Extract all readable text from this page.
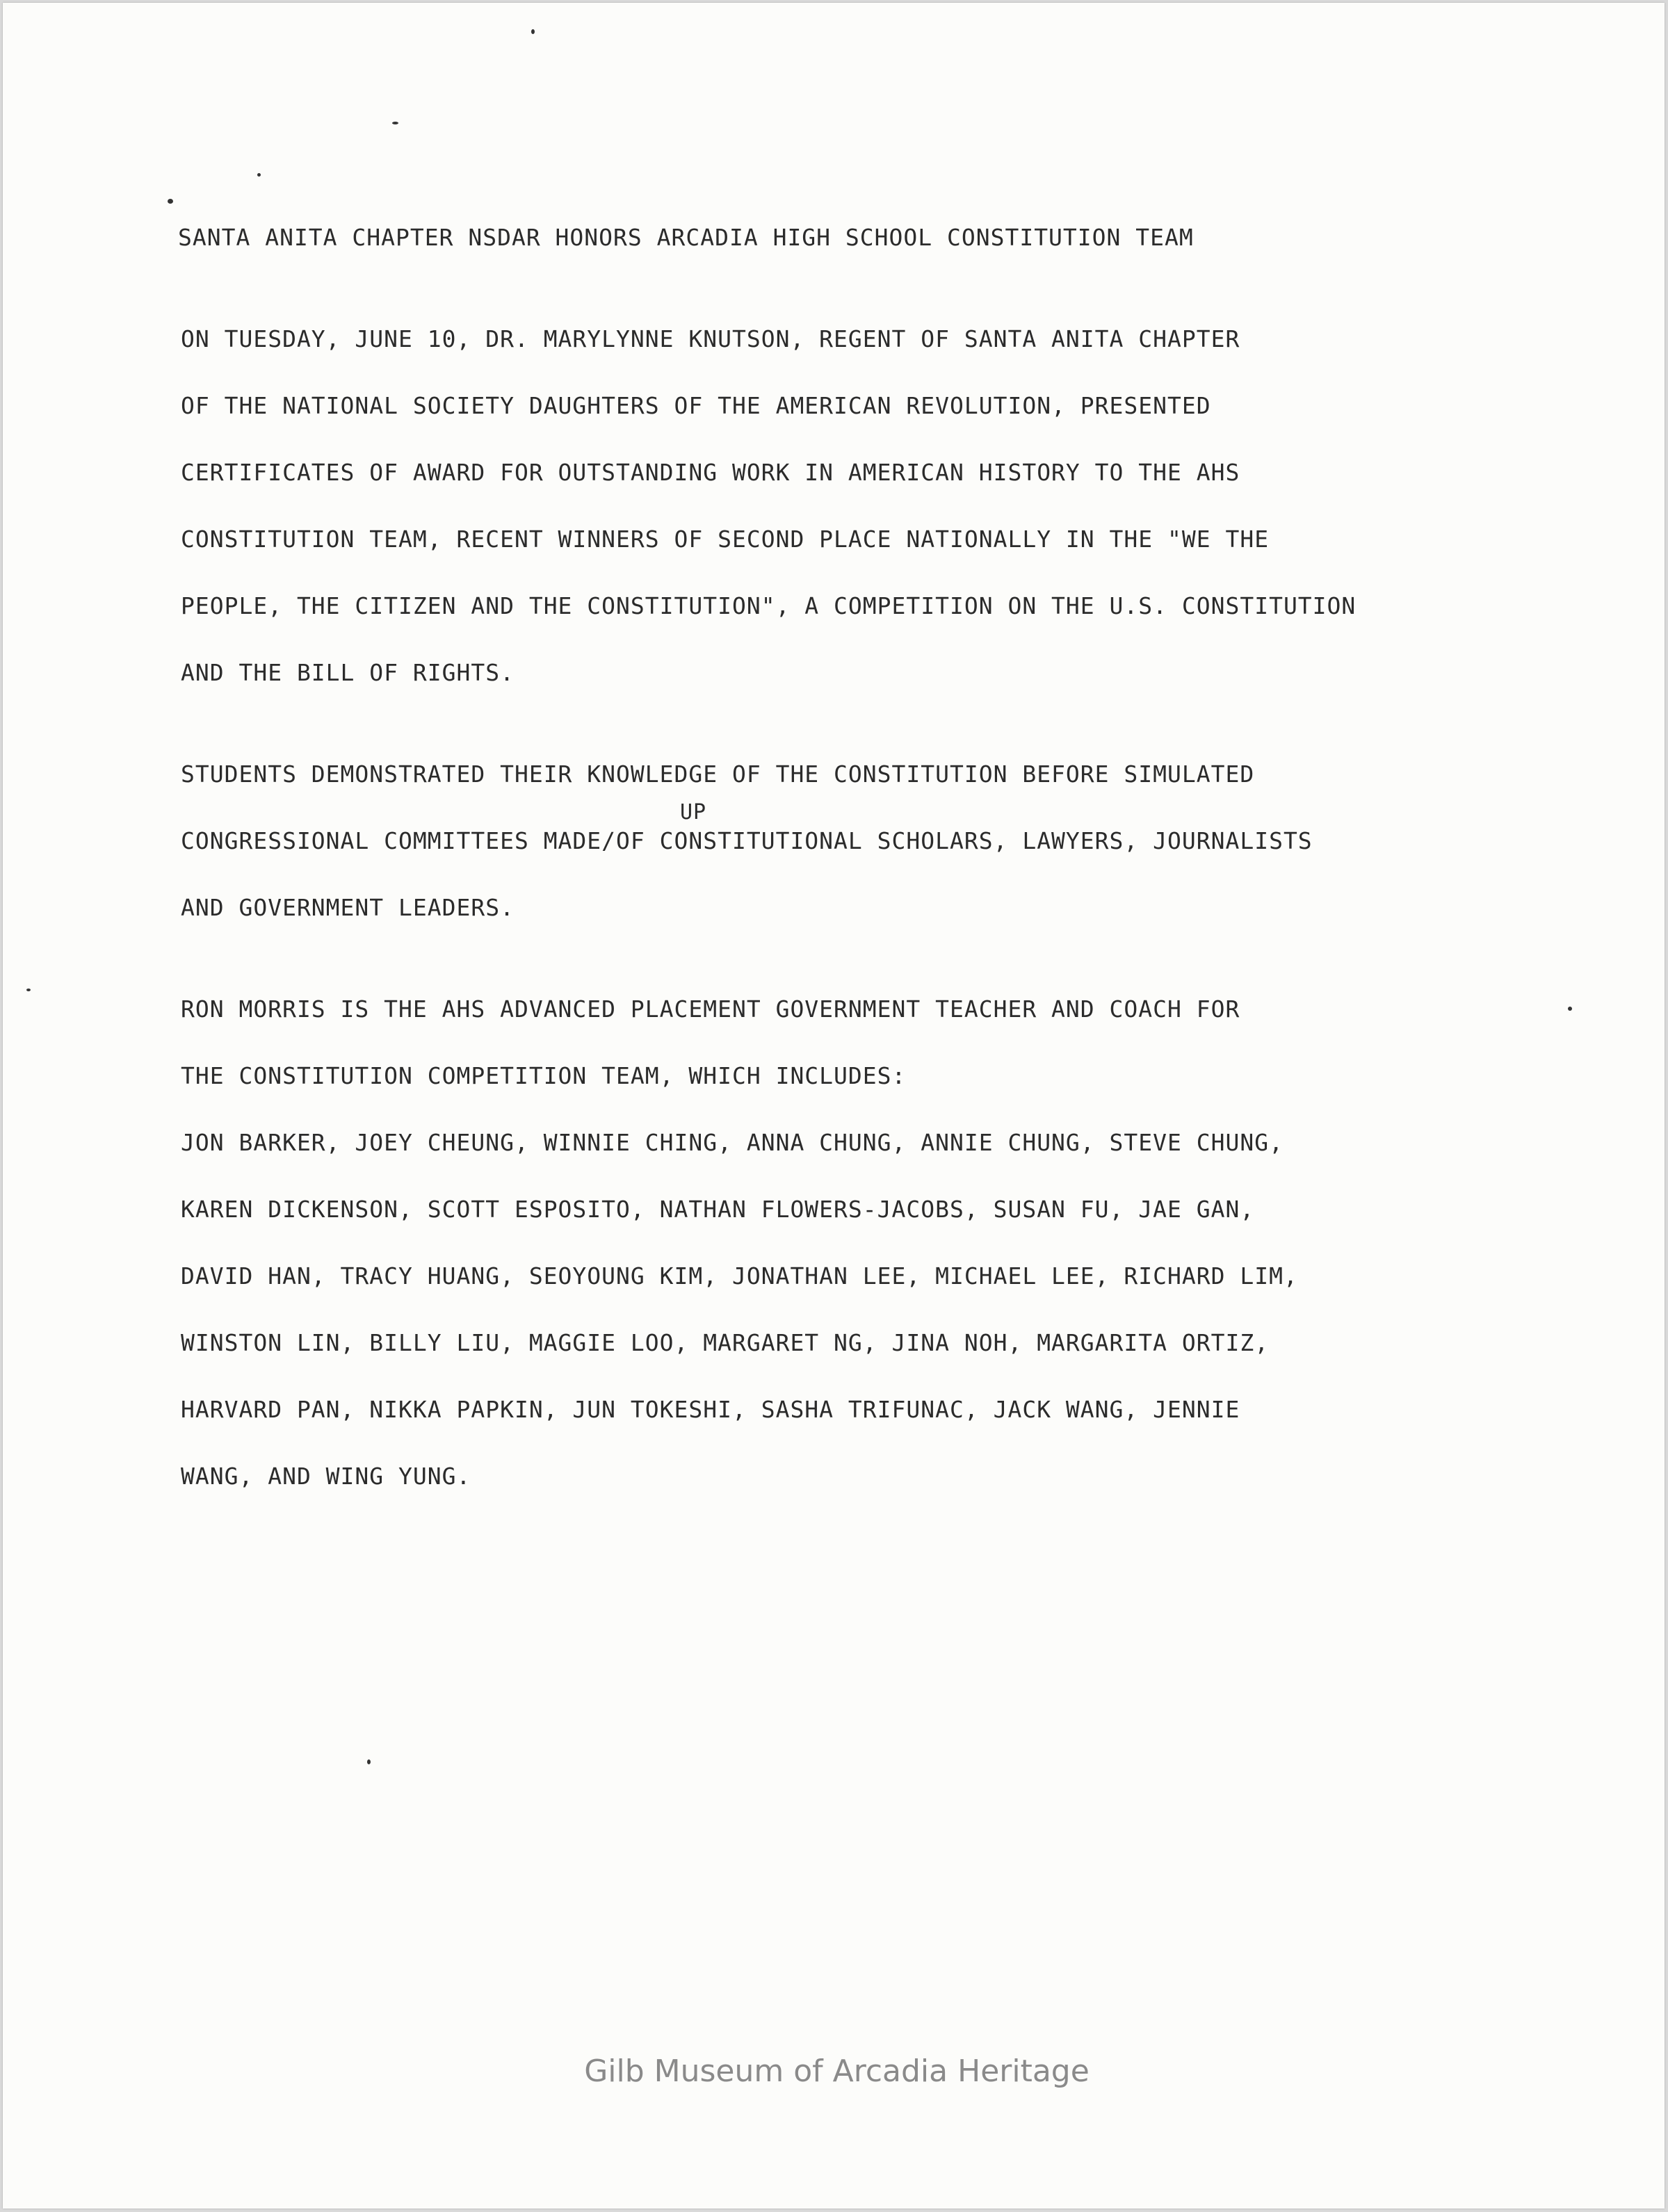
SANTA ANITA CHAPTER NSDAR HONORS ARCADIA HIGH SCHOOL CONSTITUTION TEAM

ON TUESDAY, JUNE 10, DR. MARYLYNNE KNUTSON, REGENT OF SANTA ANITA CHAPTER

OF THE NATIONAL SOCIETY DAUGHTERS OF THE AMERICAN REVOLUTION, PRESENTED

CERTIFICATES OF AWARD FOR OUTSTANDING WORK IN AMERICAN HISTORY TO THE AHS

CONSTITUTION TEAM, RECENT WINNERS OF SECOND PLACE NATIONALLY IN THE "WE THE

PEOPLE, THE CITIZEN AND THE CONSTITUTION", A COMPETITION ON THE U.S. CONSTITUTION

AND THE BILL OF RIGHTS.

STUDENTS DEMONSTRATED THEIR KNOWLEDGE OF THE CONSTITUTION BEFORE SIMULATED

UP

CONGRESSIONAL COMMITTEES MADE/OF CONSTITUTIONAL SCHOLARS, LAWYERS, JOURNALISTS

AND GOVERNMENT LEADERS.

RON MORRIS IS THE AHS ADVANCED PLACEMENT GOVERNMENT TEACHER AND COACH FOR

THE CONSTITUTION COMPETITION TEAM, WHICH INCLUDES:

JON BARKER, JOEY CHEUNG, WINNIE CHING, ANNA CHUNG, ANNIE CHUNG, STEVE CHUNG,

KAREN DICKENSON, SCOTT ESPOSITO, NATHAN FLOWERS-JACOBS, SUSAN FU, JAE GAN,

DAVID HAN, TRACY HUANG, SEOYOUNG KIM, JONATHAN LEE, MICHAEL LEE, RICHARD LIM,

WINSTON LIN, BILLY LIU, MAGGIE LOO, MARGARET NG, JINA NOH, MARGARITA ORTIZ,

HARVARD PAN, NIKKA PAPKIN, JUN TOKESHI, SASHA TRIFUNAC, JACK WANG, JENNIE

WANG, AND WING YUNG.

Gilb Museum of Arcadia Heritage
